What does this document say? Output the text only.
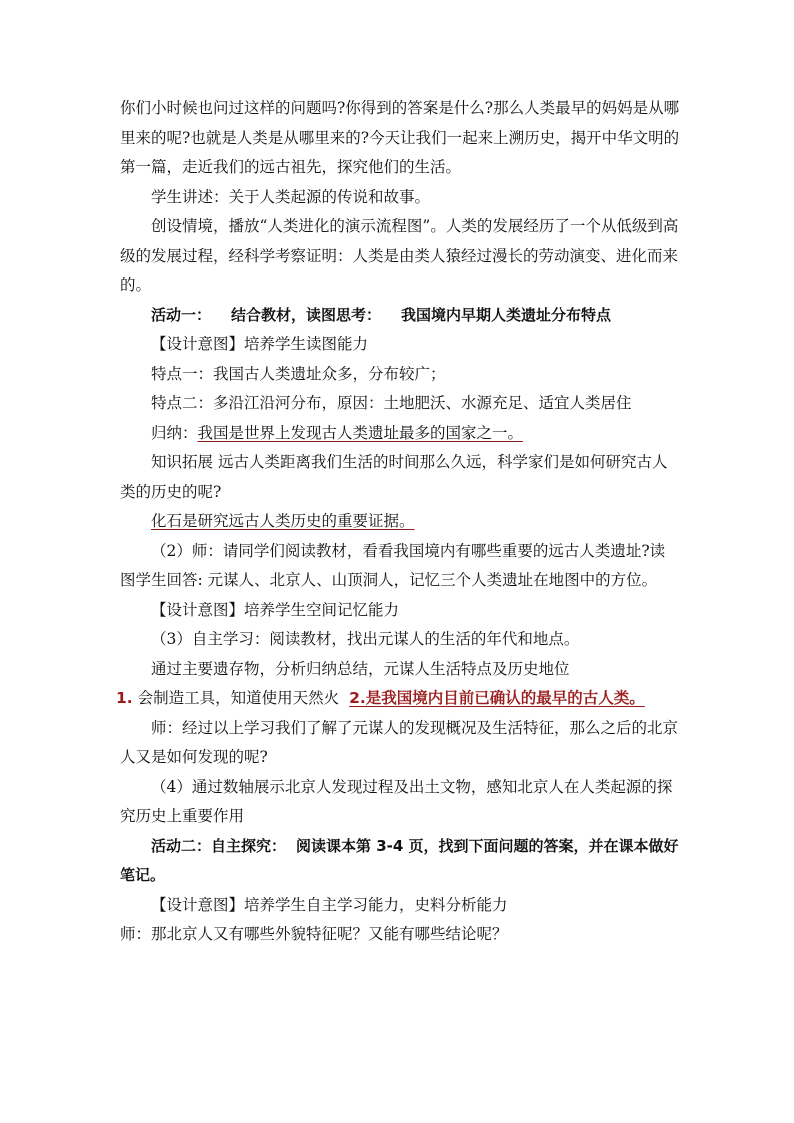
你们小时候也问过这样的问题吗?你得到的答案是什么?那么人类最早的妈妈是从哪里来的呢?也就是人类是从哪里来的?今天让我们一起来上溯历史，揭开中华文明的第一篇，走近我们的远古祖先，探究他们的生活。

学生讲述：关于人类起源的传说和故事。

创设情境，播放“人类进化的演示流程图”。人类的发展经历了一个从低级到高级的发展过程，经科学考察证明：人类是由类人猿经过漫长的劳动演变、进化而来的。

活动一： 结合教材，读图思考： 我国境内早期人类遗址分布特点

【设计意图】培养学生读图能力

特点一：我国古人类遗址众多，分布较广；

特点二：多沿江沿河分布，原因：土地肥沃、水源充足、适宜人类居住

归纳：我国是世界上发现古人类遗址最多的国家之一。

知识拓展 远古人类距离我们生活的时间那么久远，科学家们是如何研究古人类的历史的呢?

化石是研究远古人类历史的重要证据。

（2）师：请同学们阅读教材，看看我国境内有哪些重要的远古人类遗址?读图学生回答: 元谋人、北京人、山顶洞人，记忆三个人类遗址在地图中的方位。

【设计意图】培养学生空间记忆能力

（3）自主学习：阅读教材，找出元谋人的生活的年代和地点。

通过主要遗存物，分析归纳总结，元谋人生活特点及历史地位

1. 会制造工具，知道使用天然火 2.是我国境内目前已确认的最早的古人类。

师：经过以上学习我们了解了元谋人的发现概况及生活特征，那么之后的北京人又是如何发现的呢?

（4）通过数轴展示北京人发现过程及出土文物，感知北京人在人类起源的探究历史上重要作用

活动二：自主探究： 阅读课本第 3-4 页，找到下面问题的答案，并在课本做好笔记。

【设计意图】培养学生自主学习能力，史料分析能力

师：那北京人又有哪些外貌特征呢？又能有哪些结论呢？
